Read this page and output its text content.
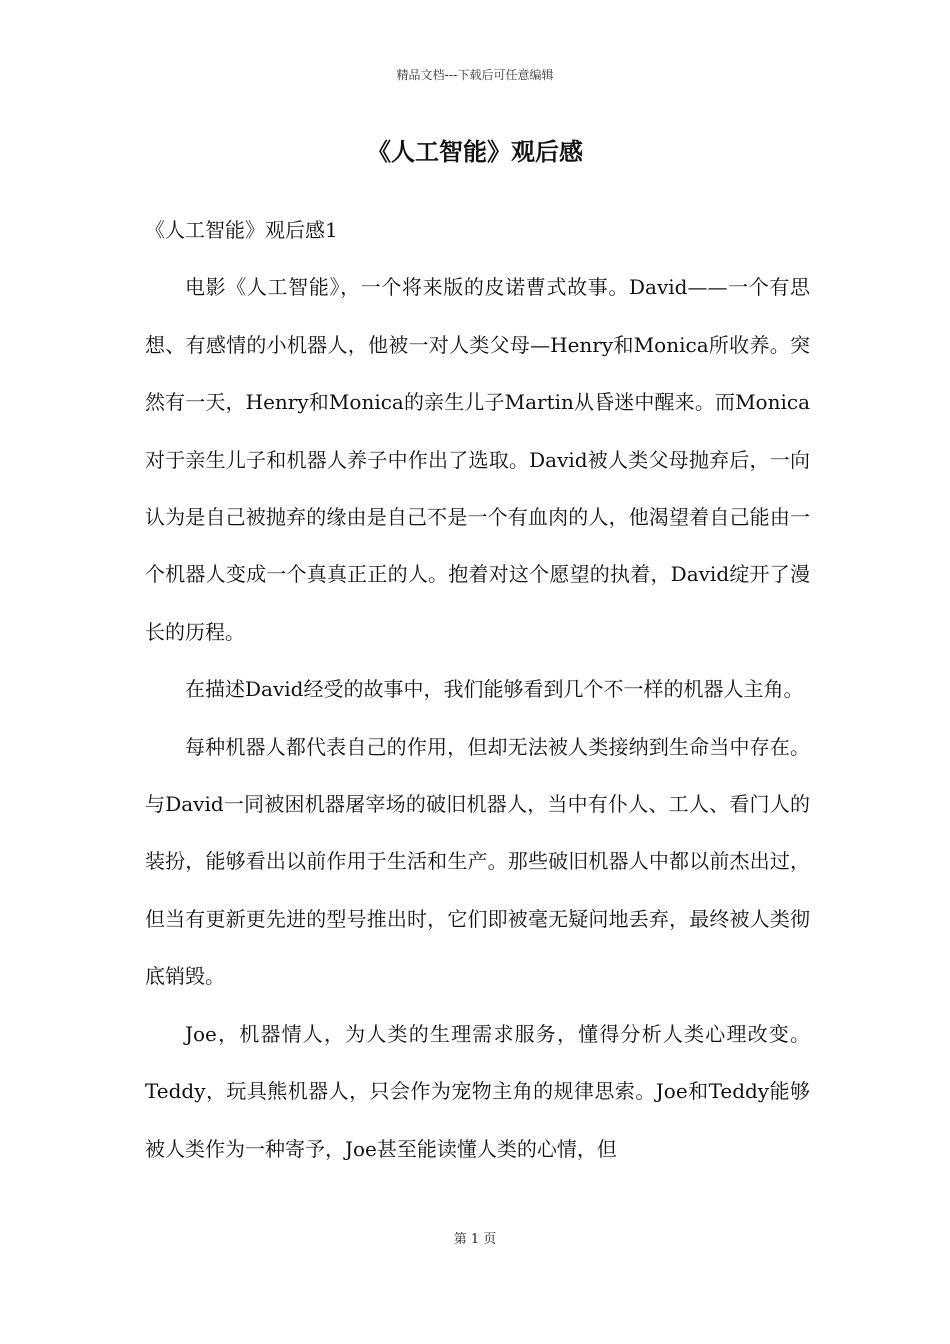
精品文档---下载后可任意编辑
《人工智能》观后感

《人工智能》观后感1

电影《人工智能》，一个将来版的皮诺曹式故事。David——一个有思想、有感情的小机器人，他被一对人类父母—Henry和Monica所收养。突然有一天，Henry和Monica的亲生儿子Martin从昏迷中醒来。而Monica对于亲生儿子和机器人养子中作出了选取。David被人类父母抛弃后，一向认为是自己被抛弃的缘由是自己不是一个有血肉的人，他渴望着自己能由一个机器人变成一个真真正正的人。抱着对这个愿望的执着，David绽开了漫长的历程。

在描述David经受的故事中，我们能够看到几个不一样的机器人主角。

每种机器人都代表自己的作用，但却无法被人类接纳到生命当中存在。与David一同被困机器屠宰场的破旧机器人，当中有仆人、工人、看门人的装扮，能够看出以前作用于生活和生产。那些破旧机器人中都以前杰出过，但当有更新更先进的型号推出时，它们即被毫无疑问地丢弃，最终被人类彻底销毁。

Joe，机器情人，为人类的生理需求服务，懂得分析人类心理改变。Teddy，玩具熊机器人，只会作为宠物主角的规律思索。Joe和Teddy能够被人类作为一种寄予，Joe甚至能读懂人类的心情，但

第 1 页
